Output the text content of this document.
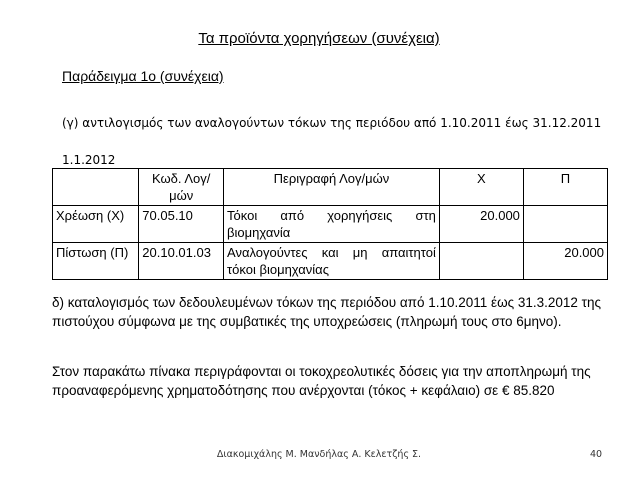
Τα προϊόντα χορηγήσεων (συνέχεια)
Παράδειγμα 1ο (συνέχεια)
(γ) αντιλογισμός των αναλογούντων τόκων της περιόδου από 1.10.2011 έως 31.12.2011
1.1.2012
	Κωδ. Λογ/μών	Περιγραφή Λογ/μών	Χ	Π
Χρέωση (Χ)	70.05.10	Τόκοι από χορηγήσεις στη βιομηχανία	20.000	
Πίστωση (Π)	20.10.01.03	Αναλογούντες και μη απαιτητοί τόκοι βιομηχανίας		20.000
δ) καταλογισμός των δεδουλευμένων τόκων της περιόδου από 1.10.2011 έως 31.3.2012 της πιστούχου σύμφωνα με της συμβατικές της υποχρεώσεις (πληρωμή τους στο 6μηνο).
Στον παρακάτω πίνακα περιγράφονται οι τοκοχρεολυτικές δόσεις για την αποπληρωμή της προαναφερόμενης χρηματοδότησης που ανέρχονται (τόκος + κεφάλαιο) σε € 85.820
Διακομιχάλης Μ. Μανδήλας Α. Κελετζής Σ.	40
